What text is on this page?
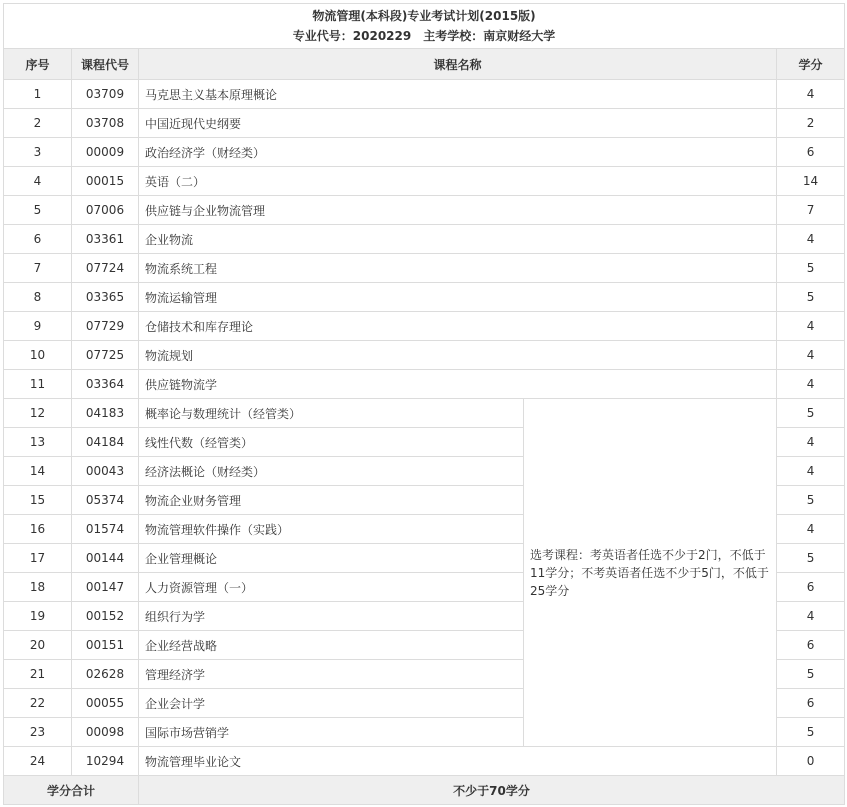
物流管理(本科段)专业考试计划(2015版)
专业代号：2020229　主考学校：南京财经大学				

序号	课程代号	课程名称		学分
1	03709	马克思主义基本原理概论		4
2	03708	中国近现代史纲要		2
3	00009	政治经济学（财经类）		6
4	00015	英语（二）		14
5	07006	供应链与企业物流管理		7
6	03361	企业物流		4
7	07724	物流系统工程		5
8	03365	物流运输管理		5
9	07729	仓储技术和库存理论		4
10	07725	物流规划		4
11	03364	供应链物流学		4
12	04183	概率论与数理统计（经管类）	选考课程：考英语者任选不少于2门，不低于11学分；不考英语者任选不少于5门，不低于25学分	5
13	04184	线性代数（经管类）		4
14	00043	经济法概论（财经类）		4
15	05374	物流企业财务管理		5
16	01574	物流管理软件操作（实践）		4
17	00144	企业管理概论		5
18	00147	人力资源管理（一）		6
19	00152	组织行为学		4
20	00151	企业经营战略		6
21	02628	管理经济学		5
22	00055	企业会计学		6
23	00098	国际市场营销学		5
24	10294	物流管理毕业论文		0
学分合计		不少于70学分		
